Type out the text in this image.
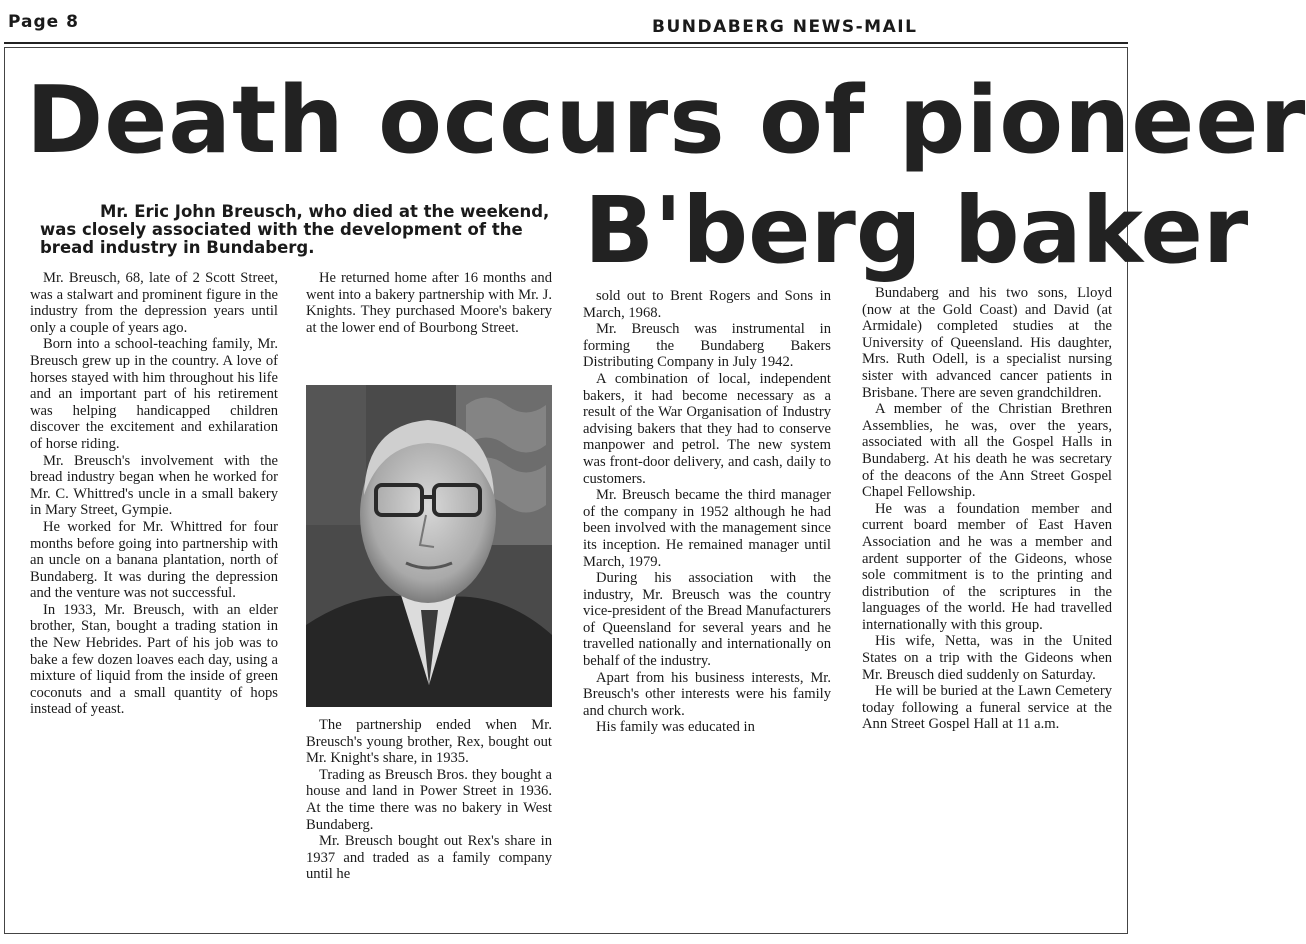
Page 8	BUNDABERG NEWS-MAIL
Death occurs of pioneer
B'berg baker
Mr. Eric John Breusch, who died at the weekend, was closely associated with the development of the bread industry in Bundaberg.

Mr. Breusch, 68, late of 2 Scott Street, was a stalwart and prominent figure in the industry from the depression years until only a couple of years ago.

Born into a school-teaching family, Mr. Breusch grew up in the country. A love of horses stayed with him throughout his life and an important part of his retirement was helping handicapped children discover the excitement and exhilaration of horse riding.

Mr. Breusch's involvement with the bread industry began when he worked for Mr. C. Whittred's uncle in a small bakery in Mary Street, Gympie.

He worked for Mr. Whittred for four months before going into partnership with an uncle on a banana plantation, north of Bundaberg. It was during the depression and the venture was not successful.

In 1933, Mr. Breusch, with an elder brother, Stan, bought a trading station in the New Hebrides. Part of his job was to bake a few dozen loaves each day, using a mixture of liquid from the inside of green coconuts and a small quantity of hops instead of yeast.

He returned home after 16 months and went into a bakery partnership with Mr. J. Knights. They purchased Moore's bakery at the lower end of Bourbong Street.

The partnership ended when Mr. Breusch's young brother, Rex, bought out Mr. Knight's share, in 1935.

Trading as Breusch Bros. they bought a house and land in Power Street in 1936. At the time there was no bakery in West Bundaberg.

Mr. Breusch bought out Rex's share in 1937 and traded as a family company until he

sold out to Brent Rogers and Sons in March, 1968.

Mr. Breusch was instrumental in forming the Bundaberg Bakers Distributing Company in July 1942.

A combination of local, independent bakers, it had become necessary as a result of the War Organisation of Industry advising bakers that they had to conserve manpower and petrol. The new system was front-door delivery, and cash, daily to customers.

Mr. Breusch became the third manager of the company in 1952 although he had been involved with the management since its inception. He remained manager until March, 1979.

During his association with the industry, Mr. Breusch was the country vice-president of the Bread Manufacturers of Queensland for several years and he travelled nationally and internationally on behalf of the industry.

Apart from his business interests, Mr. Breusch's other interests were his family and church work.

His family was educated in

Bundaberg and his two sons, Lloyd (now at the Gold Coast) and David (at Armidale) completed studies at the University of Queensland. His daughter, Mrs. Ruth Odell, is a specialist nursing sister with advanced cancer patients in Brisbane. There are seven grandchildren.

A member of the Christian Brethren Assemblies, he was, over the years, associated with all the Gospel Halls in Bundaberg. At his death he was secretary of the deacons of the Ann Street Gospel Chapel Fellowship.

He was a foundation member and current board member of East Haven Association and he was a member and ardent supporter of the Gideons, whose sole commitment is to the printing and distribution of the scriptures in the languages of the world. He had travelled internationally with this group.

His wife, Netta, was in the United States on a trip with the Gideons when Mr. Breusch died suddenly on Saturday.

He will be buried at the Lawn Cemetery today following a funeral service at the Ann Street Gospel Hall at 11 a.m.
